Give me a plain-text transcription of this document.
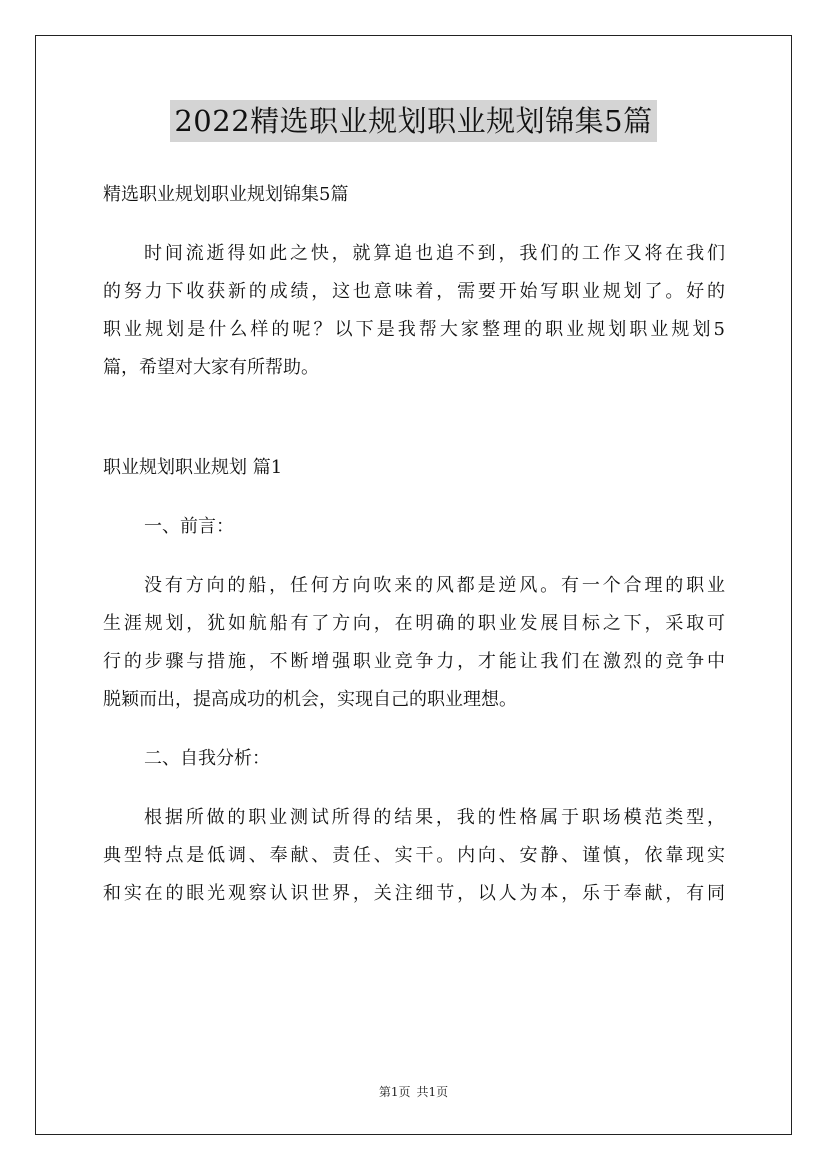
2022精选职业规划职业规划锦集5篇
精选职业规划职业规划锦集5篇
时间流逝得如此之快，就算追也追不到，我们的工作又将在我们
的努力下收获新的成绩，这也意味着，需要开始写职业规划了。好的
职业规划是什么样的呢？以下是我帮大家整理的职业规划职业规划5
篇，希望对大家有所帮助。
职业规划职业规划 篇1
一、前言：
没有方向的船，任何方向吹来的风都是逆风。有一个合理的职业
生涯规划，犹如航船有了方向，在明确的职业发展目标之下，采取可
行的步骤与措施，不断增强职业竞争力，才能让我们在激烈的竞争中
脱颖而出，提高成功的机会，实现自己的职业理想。
二、自我分析：
根据所做的职业测试所得的结果，我的性格属于职场模范类型，
典型特点是低调、奉献、责任、实干。内向、安静、谨慎，依靠现实
和实在的眼光观察认识世界，关注细节，以人为本，乐于奉献，有同
第1页 共1页
